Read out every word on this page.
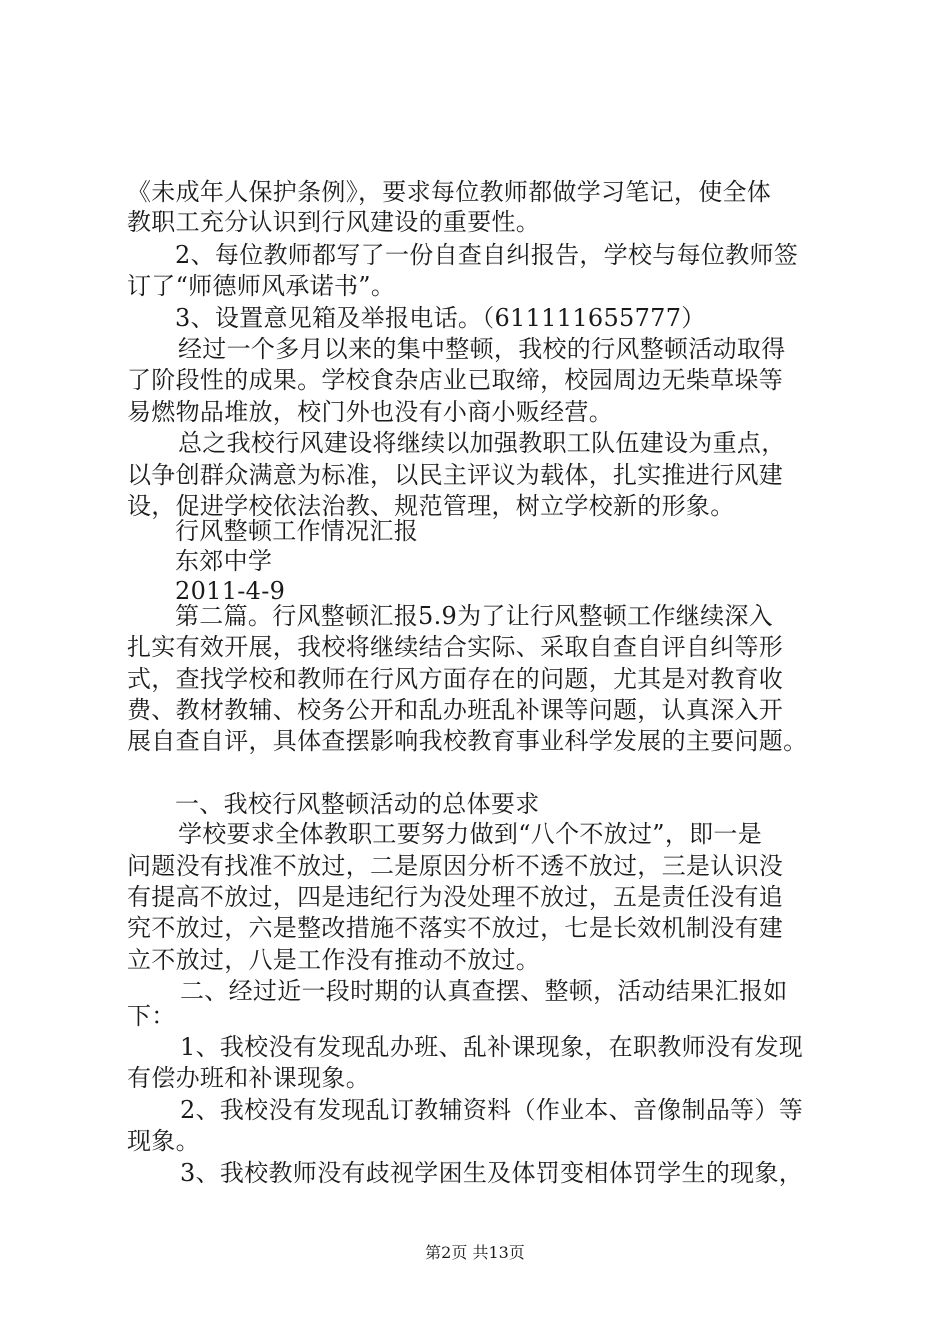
《未成年人保护条例》，要求每位教师都做学习笔记，使全体
教职工充分认识到行风建设的重要性。
2、每位教师都写了一份自查自纠报告，学校与每位教师签
订了“师德师风承诺书”。
3、设置意见箱及举报电话。（611111655777）
经过一个多月以来的集中整顿，我校的行风整顿活动取得
了阶段性的成果。学校食杂店业已取缔，校园周边无柴草垛等
易燃物品堆放，校门外也没有小商小贩经营。
总之我校行风建设将继续以加强教职工队伍建设为重点，
以争创群众满意为标准，以民主评议为载体，扎实推进行风建
设，促进学校依法治教、规范管理，树立学校新的形象。
行风整顿工作情况汇报
东郊中学
2011-4-9
第二篇。行风整顿汇报5.9为了让行风整顿工作继续深入
扎实有效开展，我校将继续结合实际、采取自查自评自纠等形
式，查找学校和教师在行风方面存在的问题，尤其是对教育收
费、教材教辅、校务公开和乱办班乱补课等问题，认真深入开
展自查自评，具体查摆影响我校教育事业科学发展的主要问题。
一、我校行风整顿活动的总体要求
学校要求全体教职工要努力做到“八个不放过”，即一是
问题没有找准不放过，二是原因分析不透不放过，三是认识没
有提高不放过，四是违纪行为没处理不放过，五是责任没有追
究不放过，六是整改措施不落实不放过，七是长效机制没有建
立不放过，八是工作没有推动不放过。
二、经过近一段时期的认真查摆、整顿，活动结果汇报如
下：
1、我校没有发现乱办班、乱补课现象，在职教师没有发现
有偿办班和补课现象。
2、我校没有发现乱订教辅资料（作业本、音像制品等）等
现象。
3、我校教师没有歧视学困生及体罚变相体罚学生的现象，
第2页 共13页
